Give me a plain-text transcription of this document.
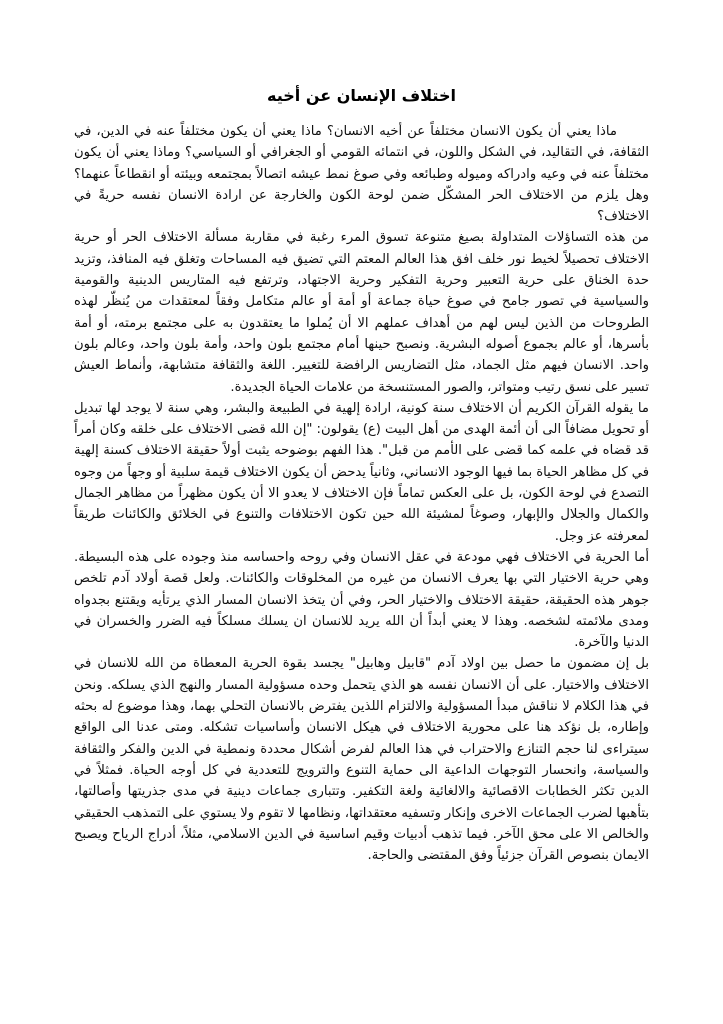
اختلاف الإنسان عن أخيه

ماذا يعني أن يكون الانسان مختلفاً عن أخيه الانسان؟ ماذا يعني أن يكون مختلفاً عنه في الدين، في الثقافة، في التقاليد، في الشكل واللون، في انتمائه القومي أو الجغرافي أو السياسي؟ وماذا يعني أن يكون مختلفاً عنه في وعيه وادراكه وميوله وطبائعه وفي صوغ نمط عيشه اتصالاً بمجتمعه وبيئته أو انقطاعاً عنهما؟ وهل يلزم من الاختلاف الحر المشكّل ضمن لوحة الكون والخارجة عن ارادة الانسان نفسه حريةً في الاختلاف؟

من هذه التساؤلات المتداولة بصيغ متنوعة تسوق المرء رغبة في مقاربة مسألة الاختلاف الحر أو حرية الاختلاف تحصيلاً لخيط نور خلف افق هذا العالم المعتم التي تضيق فيه المساحات وتغلق فيه المنافذ، وتزيد حدة الخناق على حرية التعبير وحرية التفكير وحرية الاجتهاد، وترتفع فيه المتاريس الدينية والقومية والسياسية في تصور جامح في صوغ حياة جماعة أو أمة أو عالم متكامل وفقاً لمعتقدات من يُنظّر لهذه الطروحات من الذين ليس لهم من أهداف عملهم الا أن يُملوا ما يعتقدون به على مجتمع برمته، أو أمة بأسرها، أو عالم بجموع أصوله البشرية. ونصبح حينها أمام مجتمع بلون واحد، وأمة بلون واحد، وعالم بلون واحد. الانسان فيهم مثل الجماد، مثل التضاريس الرافضة للتغيير. اللغة والثقافة متشابهة، وأنماط العيش تسير على نسق رتيب ومتواتر، والصور المستنسخة من علامات الحياة الجديدة.

ما يقوله القرآن الكريم أن الاختلاف سنة كونية، ارادة إلهية في الطبيعة والبشر، وهي سنة لا يوجد لها تبديل أو تحويل مضافاً الى أن أئمة الهدى من أهل البيت (ع) يقولون: "إن الله قضى الاختلاف على خلقه وكان أمراً قد قضاه في علمه كما قضى على الأمم من قبل". هذا الفهم بوضوحه يثبت أولاً حقيقة الاختلاف كسنة إلهية في كل مظاهر الحياة بما فيها الوجود الانساني، وثانياً يدحض أن يكون الاختلاف قيمة سلبية أو وجهاً من وجوه التصدع في لوحة الكون، بل على العكس تماماً فإن الاختلاف لا يعدو الا أن يكون مظهراً من مظاهر الجمال والكمال والجلال والإبهار، وصوغاً لمشيئة الله حين تكون الاختلافات والتنوع في الخلائق والكائنات طريقاً لمعرفته عز وجل.

أما الحرية في الاختلاف فهي مودعة في عقل الانسان وفي روحه واحساسه منذ وجوده على هذه البسيطة. وهي حرية الاختيار التي بها يعرف الانسان من غيره من المخلوقات والكائنات. ولعل قصة أولاد آدم تلخص جوهر هذه الحقيقة، حقيقة الاختلاف والاختيار الحر، وفي أن يتخذ الانسان المسار الذي يرتأيه ويقتنع بجدواه ومدى ملائمته لشخصه. وهذا لا يعني أبداً أن الله يريد للانسان ان يسلك مسلكاً فيه الضرر والخسران في الدنيا والآخرة.

بل إن مضمون ما حصل بين اولاد آدم "قابيل وهابيل" يجسد بقوة الحرية المعطاة من الله للانسان في الاختلاف والاختيار. على أن الانسان نفسه هو الذي يتحمل وحده مسؤولية المسار والنهج الذي يسلكه. ونحن في هذا الكلام لا نناقش مبدأ المسؤولية والالتزام اللذين يفترض بالانسان التحلي بهما، وهذا موضوع له بحثه وإطاره، بل نؤكد هنا على محورية الاختلاف في هيكل الانسان وأساسيات تشكله. ومتى عدنا الى الواقع سيتراءى لنا حجم التنازع والاحتراب في هذا العالم لفرض أشكال محددة ونمطية في الدين والفكر والثقافة والسياسة، وانحسار التوجهات الداعية الى حماية التنوع والترويج للتعددية في كل أوجه الحياة. فمثلاً في الدين تكثر الخطابات الاقصائية والالغائية ولغة التكفير. وتتبارى جماعات دينية في مدى جذريتها وأصالتها، بتأهبها لضرب الجماعات الاخرى وإنكار وتسفيه معتقداتها، ونظامها لا تقوم ولا يستوي على التمذهب الحقيقي والخالص الا على محق الآخر. فيما تذهب أدبيات وقيم اساسية في الدين الاسلامي، مثلاً، أدراج الرياح ويصبح الايمان بنصوص القرآن جزئياً وفق المقتضى والحاجة.
